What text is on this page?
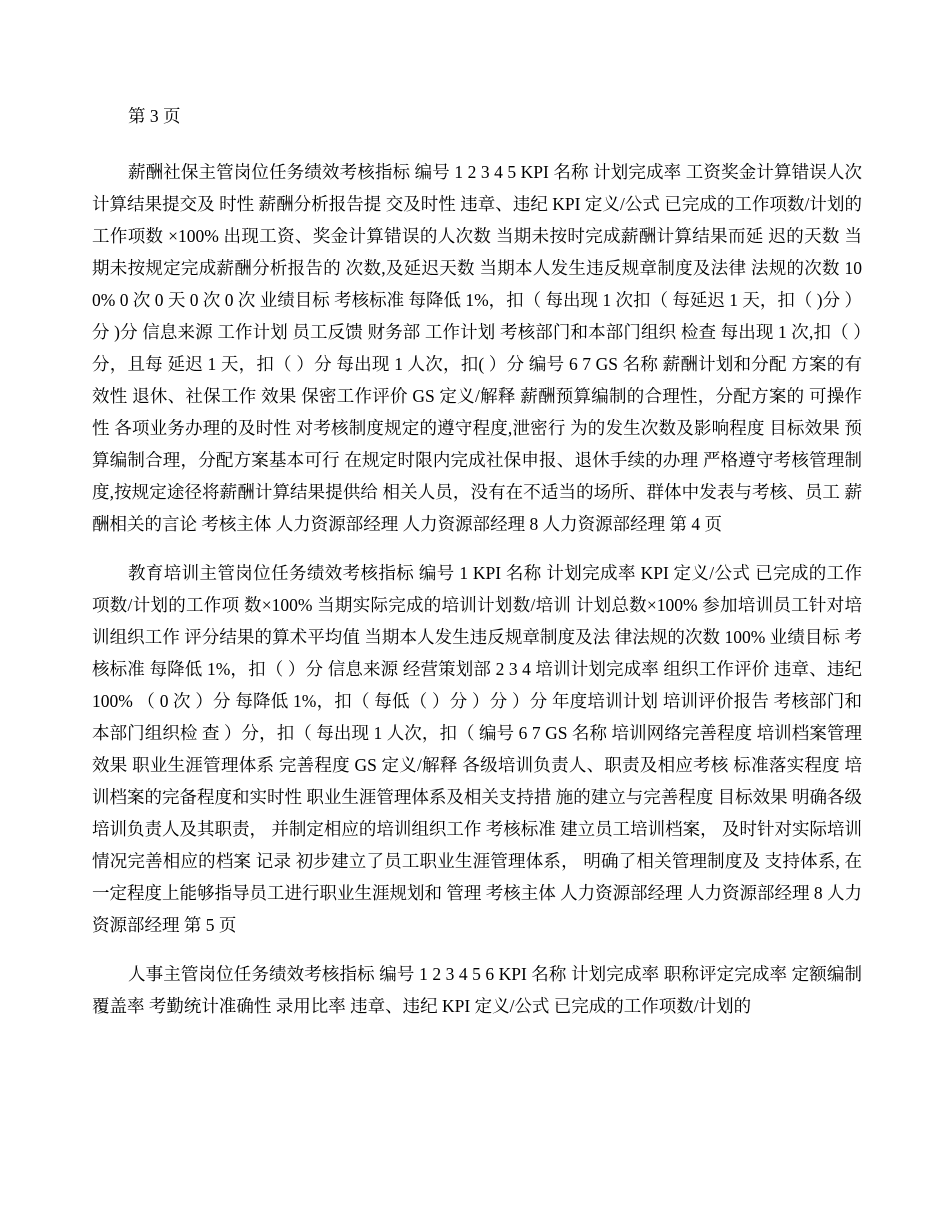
第 3 页

薪酬社保主管岗位任务绩效考核指标 编号 1 2 3 4 5 KPI 名称 计划完成率 工资奖金计算错误人次 计算结果提交及 时性 薪酬分析报告提 交及时性 违章、违纪 KPI 定义/公式 已完成的工作项数/计划的工作项数 ×100% 出现工资、奖金计算错误的人次数 当期未按时完成薪酬计算结果而延 迟的天数 当期未按规定完成薪酬分析报告的 次数,及延迟天数 当期本人发生违反规章制度及法律 法规的次数 100% 0 次 0 天 0 次 0 次 业绩目标 考核标准 每降低 1%，扣（ 每出现 1 次扣（ 每延迟 1 天，扣（ )分 ）分 )分 信息来源 工作计划 员工反馈 财务部 工作计划 考核部门和本部门组织 检查 每出现 1 次,扣（ ）分，且每 延迟 1 天，扣（ ）分 每出现 1 人次，扣( ）分 编号 6 7 GS 名称 薪酬计划和分配 方案的有效性 退休、社保工作 效果 保密工作评价 GS 定义/解释 薪酬预算编制的合理性，分配方案的 可操作性 各项业务办理的及时性 对考核制度规定的遵守程度,泄密行 为的发生次数及影响程度 目标效果 预算编制合理，分配方案基本可行 在规定时限内完成社保申报、退休手续的办理 严格遵守考核管理制度,按规定途径将薪酬计算结果提供给 相关人员，没有在不适当的场所、群体中发表与考核、员工 薪酬相关的言论 考核主体 人力资源部经理 人力资源部经理 8 人力资源部经理 第 4 页

教育培训主管岗位任务绩效考核指标 编号 1 KPI 名称 计划完成率 KPI 定义/公式 已完成的工作项数/计划的工作项 数×100% 当期实际完成的培训计划数/培训 计划总数×100% 参加培训员工针对培训组织工作 评分结果的算术平均值 当期本人发生违反规章制度及法 律法规的次数 100% 业绩目标 考核标准 每降低 1%，扣（ ）分 信息来源 经营策划部 2 3 4 培训计划完成率 组织工作评价 违章、违纪 100% （ 0 次 ）分 每降低 1%，扣（ 每低（ ）分 ）分 ）分 年度培训计划 培训评价报告 考核部门和本部门组织检 查 ）分，扣（ 每出现 1 人次，扣（ 编号 6 7 GS 名称 培训网络完善程度 培训档案管理效果 职业生涯管理体系 完善程度 GS 定义/解释 各级培训负责人、职责及相应考核 标准落实程度 培训档案的完备程度和实时性 职业生涯管理体系及相关支持措 施的建立与完善程度 目标效果 明确各级培训负责人及其职责， 并制定相应的培训组织工作 考核标准 建立员工培训档案， 及时针对实际培训情况完善相应的档案 记录 初步建立了员工职业生涯管理体系， 明确了相关管理制度及 支持体系, 在一定程度上能够指导员工进行职业生涯规划和 管理 考核主体 人力资源部经理 人力资源部经理 8 人力资源部经理 第 5 页

人事主管岗位任务绩效考核指标 编号 1 2 3 4 5 6 KPI 名称 计划完成率 职称评定完成率 定额编制覆盖率 考勤统计准确性 录用比率 违章、违纪 KPI 定义/公式 已完成的工作项数/计划的
